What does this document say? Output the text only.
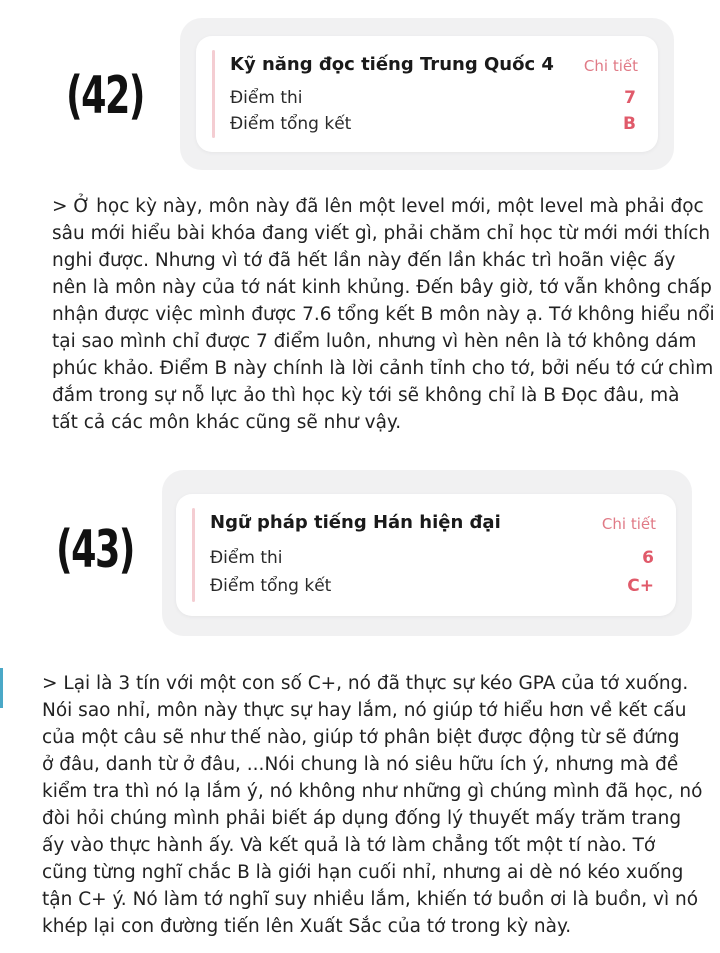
(42)
Kỹ năng đọc tiếng Trung Quốc 4 Chi tiết
Điểm thi	7
Điểm tổng kết	B

> Ở học kỳ này, môn này đã lên một level mới, một level mà phải đọc

sâu mới hiểu bài khóa đang viết gì, phải chăm chỉ học từ mới mới thích

nghi được. Nhưng vì tớ đã hết lần này đến lần khác trì hoãn việc ấy

nên là môn này của tớ nát kinh khủng. Đến bây giờ, tớ vẫn không chấp

nhận được việc mình được 7.6 tổng kết B môn này ạ. Tớ không hiểu nổi

tại sao mình chỉ được 7 điểm luôn, nhưng vì hèn nên là tớ không dám

phúc khảo. Điểm B này chính là lời cảnh tỉnh cho tớ, bởi nếu tớ cứ chìm

đắm trong sự nỗ lực ảo thì học kỳ tới sẽ không chỉ là B Đọc đâu, mà

tất cả các môn khác cũng sẽ như vậy.

(43)	Ngữ pháp tiếng Hán hiện đại	Chi tiết
Điểm thi	6
Điểm tổng kết	C+

> Lại là 3 tín với một con số C+, nó đã thực sự kéo GPA của tớ xuống.

Nói sao nhỉ, môn này thực sự hay lắm, nó giúp tớ hiểu hơn về kết cấu

của một câu sẽ như thế nào, giúp tớ phân biệt được động từ sẽ đứng

ở đâu, danh từ ở đâu, ...Nói chung là nó siêu hữu ích ý, nhưng mà đề

kiểm tra thì nó lạ lắm ý, nó không như những gì chúng mình đã học, nó

đòi hỏi chúng mình phải biết áp dụng đống lý thuyết mấy trăm trang

ấy vào thực hành ấy. Và kết quả là tớ làm chẳng tốt một tí nào. Tớ

cũng từng nghĩ chắc B là giới hạn cuối nhỉ, nhưng ai dè nó kéo xuống

tận C+ ý. Nó làm tớ nghĩ suy nhiều lắm, khiến tớ buồn ơi là buồn, vì nó

khép lại con đường tiến lên Xuất Sắc của tớ trong kỳ này.
